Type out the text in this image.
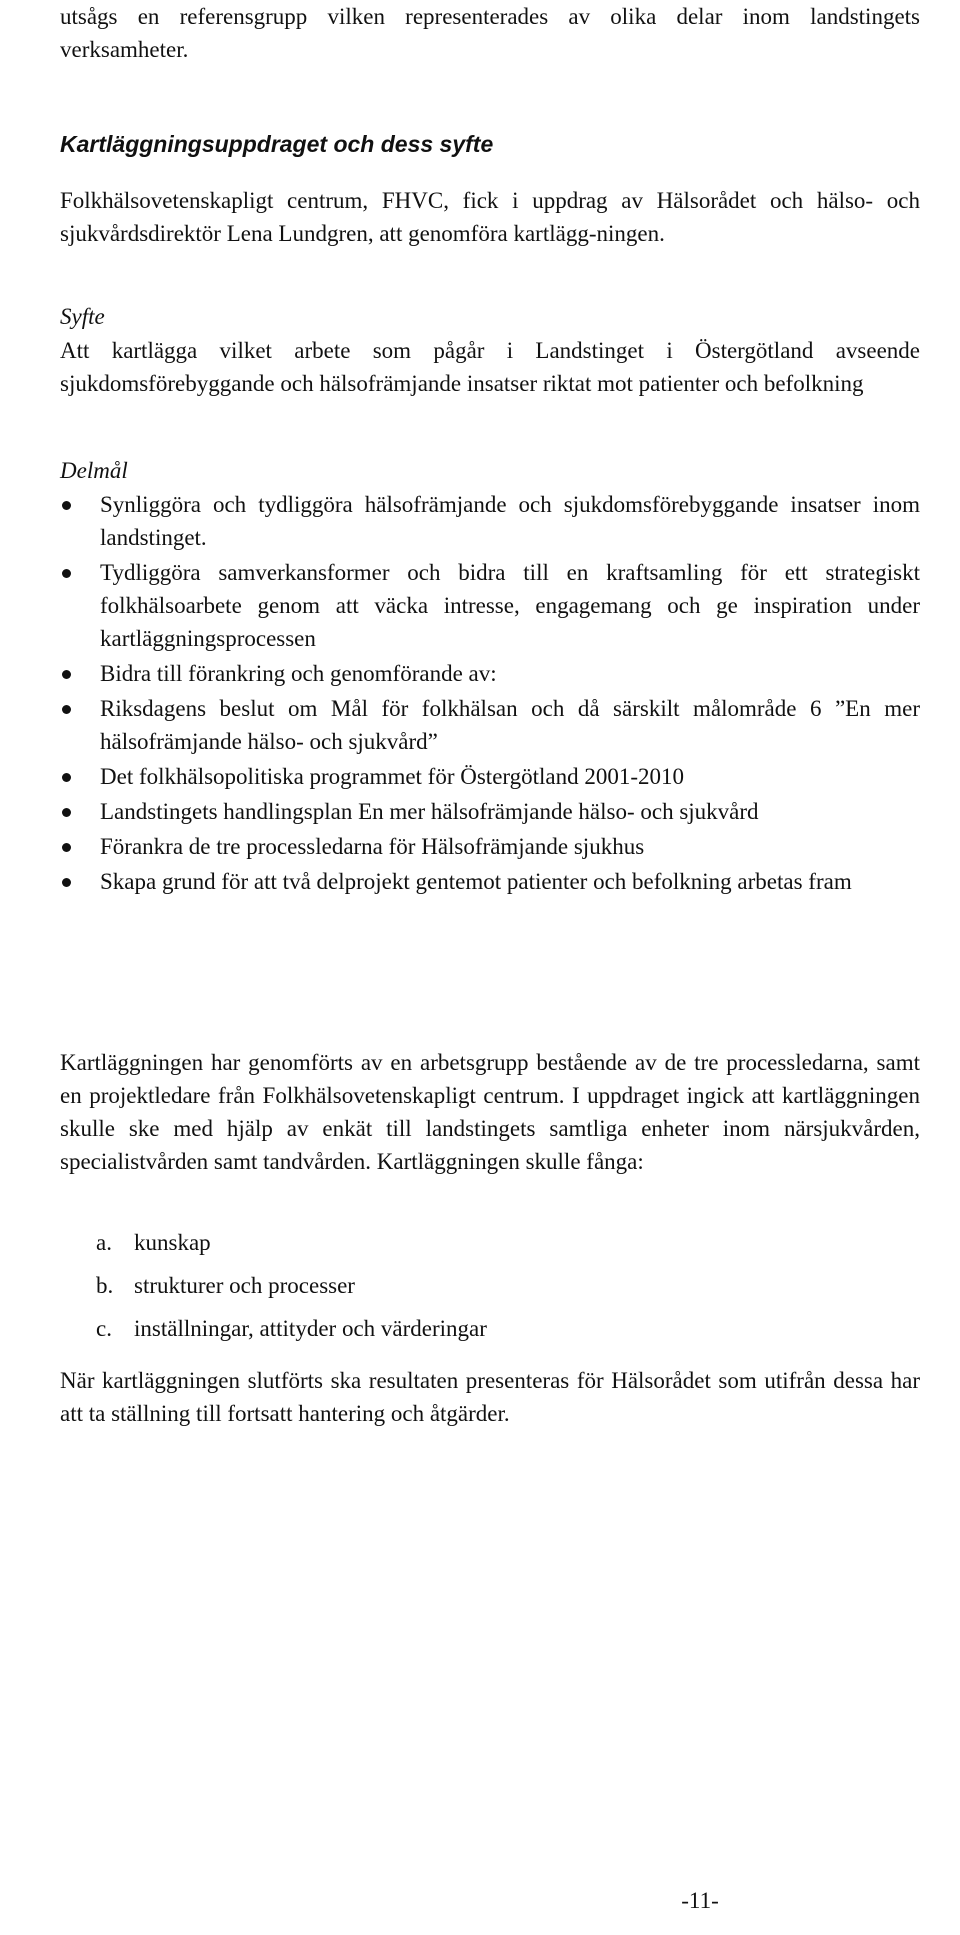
utsågs en referensgrupp vilken representerades av olika delar inom landstingets verksamheter.

Kartläggningsuppdraget och dess syfte

Folkhälsovetenskapligt centrum, FHVC, fick i uppdrag av Hälsorådet och hälso- och sjukvårdsdirektör Lena Lundgren, att genomföra kartlägg-ningen.

Syfte

Att kartlägga vilket arbete som pågår i Landstinget i Östergötland avseende sjukdomsförebyggande och hälsofrämjande insatser riktat mot patienter och befolkning

Delmål
Synliggöra och tydliggöra hälsofrämjande och sjukdomsförebyggande insatser inom landstinget.
Tydliggöra samverkansformer och bidra till en kraftsamling för ett strategiskt folkhälsoarbete genom att väcka intresse, engagemang och ge inspiration under kartläggningsprocessen
Bidra till förankring och genomförande av:
Riksdagens beslut om Mål för folkhälsan och då särskilt målområde 6 ”En mer hälsofrämjande hälso- och sjukvård”
Det folkhälsopolitiska programmet för Östergötland 2001-2010
Landstingets handlingsplan En mer hälsofrämjande hälso- och sjukvård
Förankra de tre processledarna för Hälsofrämjande sjukhus
Skapa grund för att två delprojekt gentemot patienter och befolkning arbetas fram

Kartläggningen har genomförts av en arbetsgrupp bestående av de tre processledarna, samt en projektledare från Folkhälsovetenskapligt centrum. I uppdraget ingick att kartläggningen skulle ske med hjälp av enkät till landstingets samtliga enheter inom närsjukvården, specialistvården samt tandvården. Kartläggningen skulle fånga:

a. kunskap
b. strukturer och processer
c. inställningar, attityder och värderingar

När kartläggningen slutförts ska resultaten presenteras för Hälsorådet som utifrån dessa har att ta ställning till fortsatt hantering och åtgärder.

-11-
